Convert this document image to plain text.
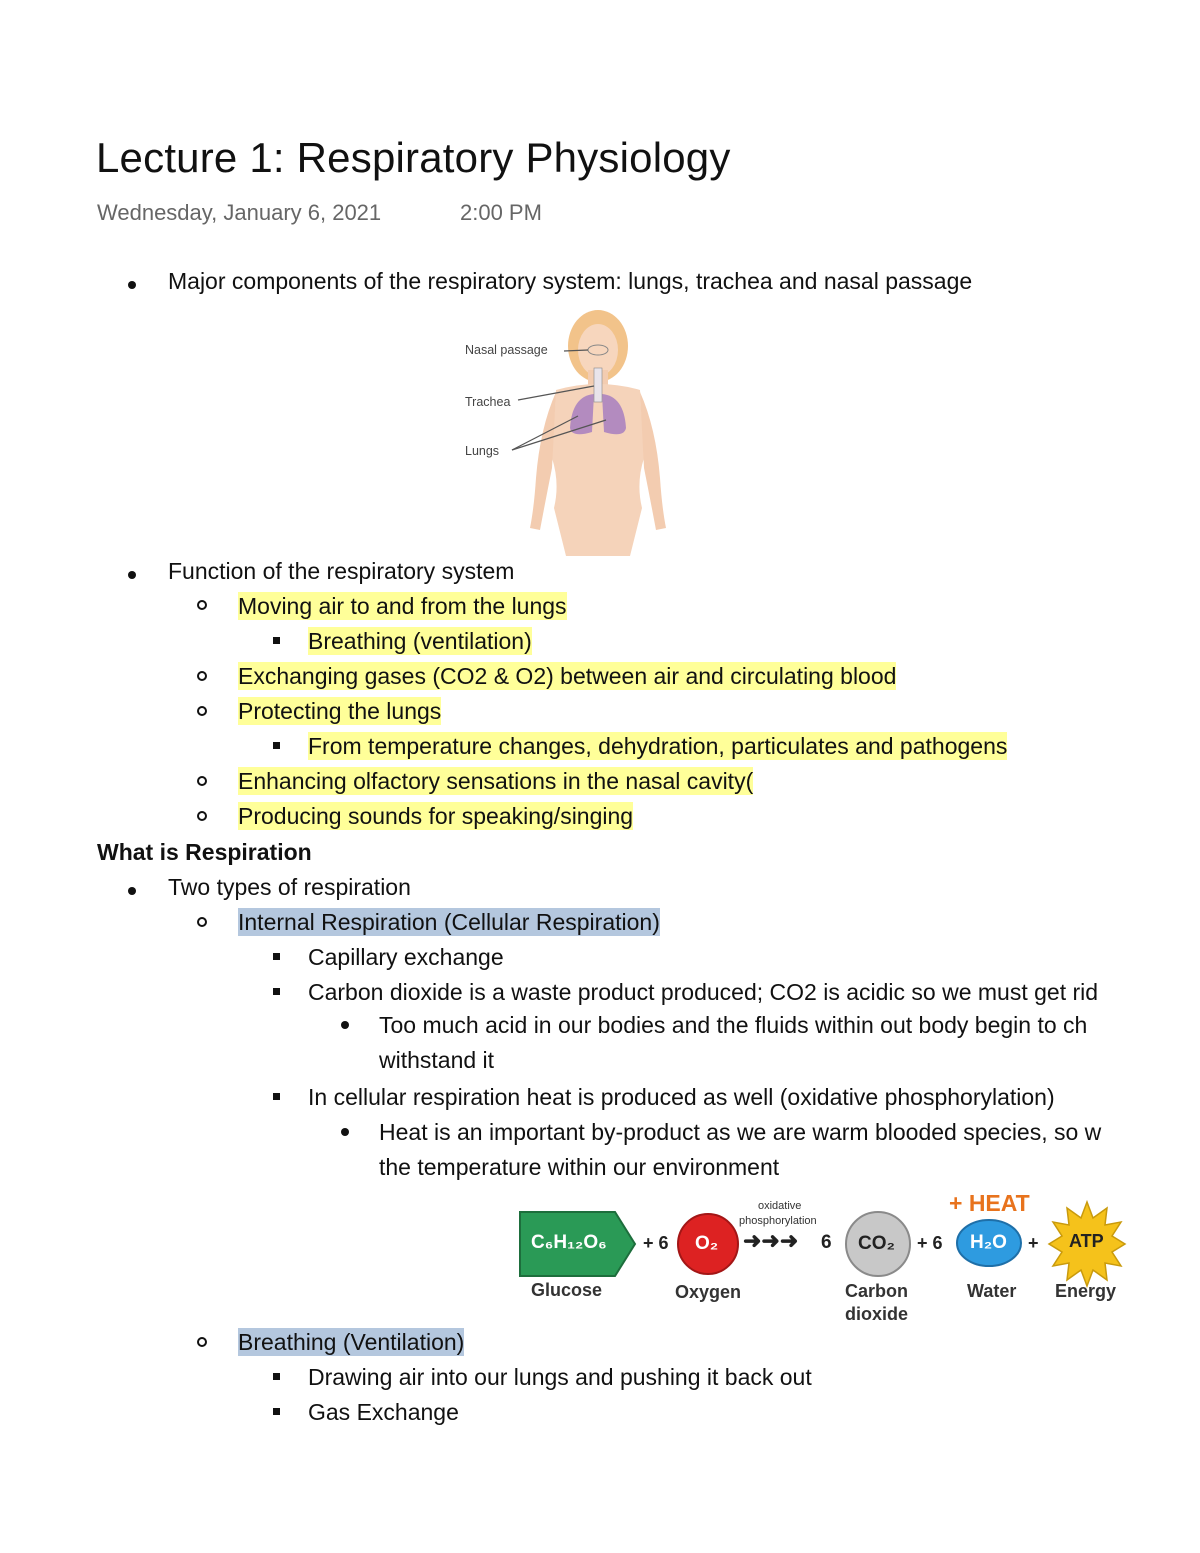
Lecture 1: Respiratory Physiology
Wednesday, January 6, 2021	2:00 PM
Major components of the respiratory system: lungs, trachea and nasal passage
Nasal passage
Trachea
Lungs
Function of the respiratory system
Moving air to and from the lungs
Breathing (ventilation)
Exchanging gases (CO2 & O2) between air and circulating blood
Protecting the lungs
From temperature changes, dehydration, particulates and pathogens
Enhancing olfactory sensations in the nasal cavity(
Producing sounds for speaking/singing
What is Respiration
Two types of respiration
Internal Respiration (Cellular Respiration)
Capillary exchange
Carbon dioxide is a waste product produced; CO2 is acidic so we must get rid
Too much acid in our bodies and the fluids within out body begin to ch
withstand it
In cellular respiration heat is produced as well (oxidative phosphorylation)
Heat is an important by-product as we are warm blooded species, so w
the temperature within our environment
C₆H₁₂O₆ + 6 O₂
oxidative
phosphorylation
➜➜➜ 6 CO₂ + 6
+ HEAT
H₂O + ATP
Glucose	Oxygen	Carbon
dioxide
Water Energy
Breathing (Ventilation)
Drawing air into our lungs and pushing it back out
Gas Exchange
